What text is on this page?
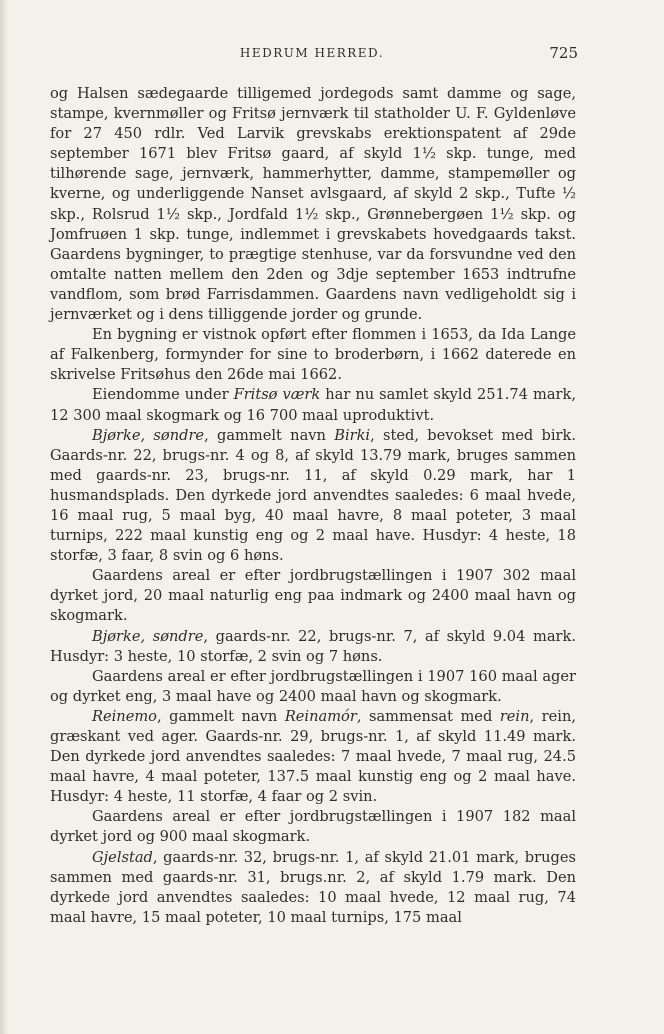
HEDRUM HERRED.	725

og Halsen sædegaarde tilligemed jordegods samt damme og sage, stampe, kvernmøller og Fritsø jernværk til statholder U. F. Gyldenløve for 27 450 rdlr. Ved Larvik grevskabs erektionspatent af 29de september 1671 blev Fritsø gaard, af skyld 1½ skp. tunge, med tilhørende sage, jernværk, hammerhytter, damme, stampemøller og kverne, og underliggende Nanset avlsgaard, af skyld 2 skp., Tufte ½ skp., Rolsrud 1½ skp., Jordfald 1½ skp., Grønnebergøen 1½ skp. og Jomfruøen 1 skp. tunge, indlemmet i grevskabets hovedgaards takst. Gaardens bygninger, to prægtige stenhuse, var da forsvundne ved den omtalte natten mellem den 2den og 3dje september 1653 indtrufne vandflom, som brød Farrisdammen. Gaardens navn vedligeholdt sig i jernværket og i dens tilliggende jorder og grunde.

En bygning er vistnok opført efter flommen i 1653, da Ida Lange af Falkenberg, formynder for sine to broderbørn, i 1662 daterede en skrivelse Fritsøhus den 26de mai 1662.

Eiendomme under Fritsø værk har nu samlet skyld 251.74 mark, 12 300 maal skogmark og 16 700 maal uproduktivt.

Bjørke, søndre, gammelt navn Birki, sted, bevokset med birk. Gaards-nr. 22, brugs-nr. 4 og 8, af skyld 13.79 mark, bruges sammen med gaards-nr. 23, brugs-nr. 11, af skyld 0.29 mark, har 1 husmandsplads. Den dyrkede jord anvendtes saaledes: 6 maal hvede, 16 maal rug, 5 maal byg, 40 maal havre, 8 maal poteter, 3 maal turnips, 222 maal kunstig eng og 2 maal have. Husdyr: 4 heste, 18 storfæ, 3 faar, 8 svin og 6 høns.

Gaardens areal er efter jordbrugstællingen i 1907 302 maal dyrket jord, 20 maal naturlig eng paa indmark og 2400 maal havn og skogmark.

Bjørke, søndre, gaards-nr. 22, brugs-nr. 7, af skyld 9.04 mark. Husdyr: 3 heste, 10 storfæ, 2 svin og 7 høns.

Gaardens areal er efter jordbrugstællingen i 1907 160 maal ager og dyrket eng, 3 maal have og 2400 maal havn og skogmark.

Reinemo, gammelt navn Reinamór, sammensat med rein, rein, græskant ved ager. Gaards-nr. 29, brugs-nr. 1, af skyld 11.49 mark. Den dyrkede jord anvendtes saaledes: 7 maal hvede, 7 maal rug, 24.5 maal havre, 4 maal poteter, 137.5 maal kunstig eng og 2 maal have. Husdyr: 4 heste, 11 storfæ, 4 faar og 2 svin.

Gaardens areal er efter jordbrugstællingen i 1907 182 maal dyrket jord og 900 maal skogmark.

Gjelstad, gaards-nr. 32, brugs-nr. 1, af skyld 21.01 mark, bruges sammen med gaards-nr. 31, brugs.nr. 2, af skyld 1.79 mark. Den dyrkede jord anvendtes saaledes: 10 maal hvede, 12 maal rug, 74 maal havre, 15 maal poteter, 10 maal turnips, 175 maal
